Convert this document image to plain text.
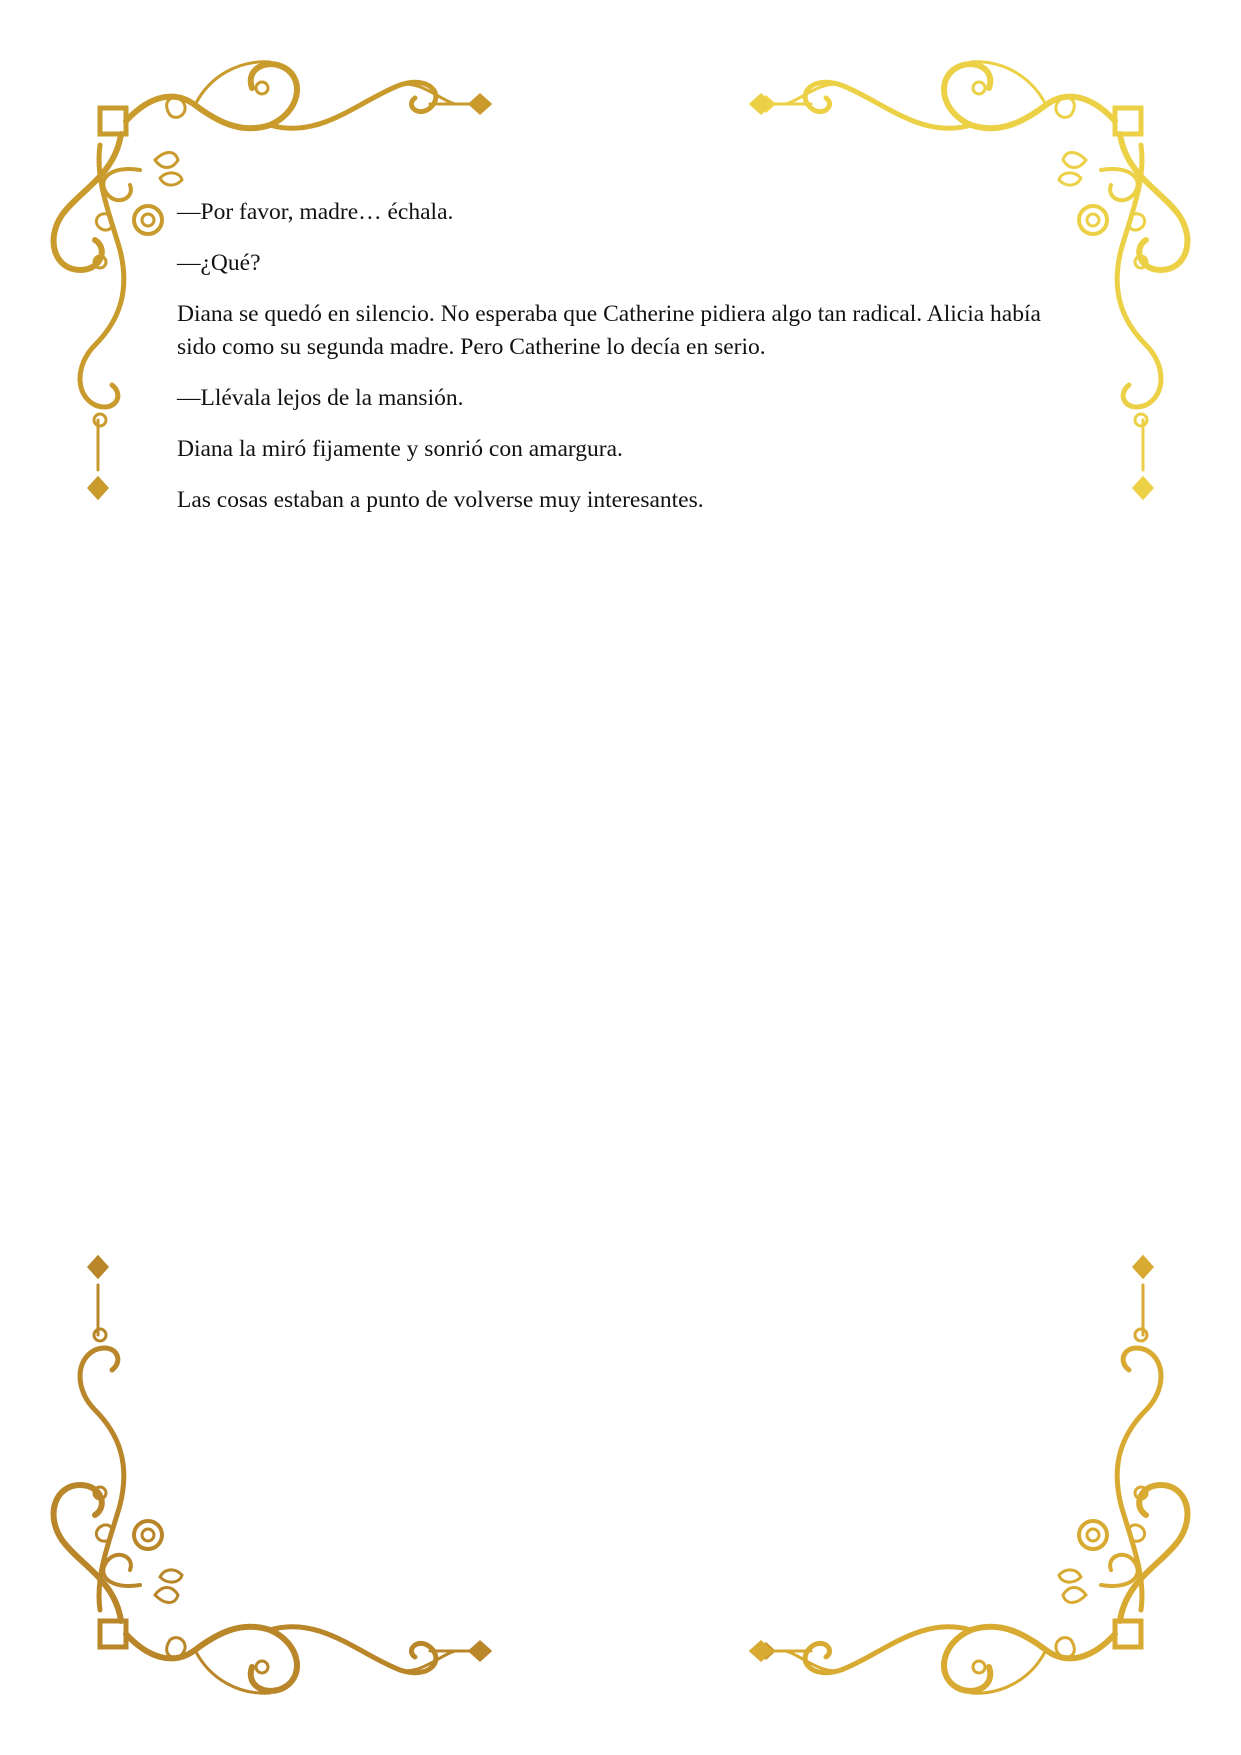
—Por favor, madre… échala.

—¿Qué?

Diana se quedó en silencio. No esperaba que Catherine pidiera algo tan radical. Alicia había sido como su segunda madre. Pero Catherine lo decía en serio.

—Llévala lejos de la mansión.

Diana la miró fijamente y sonrió con amargura.

Las cosas estaban a punto de volverse muy interesantes.
